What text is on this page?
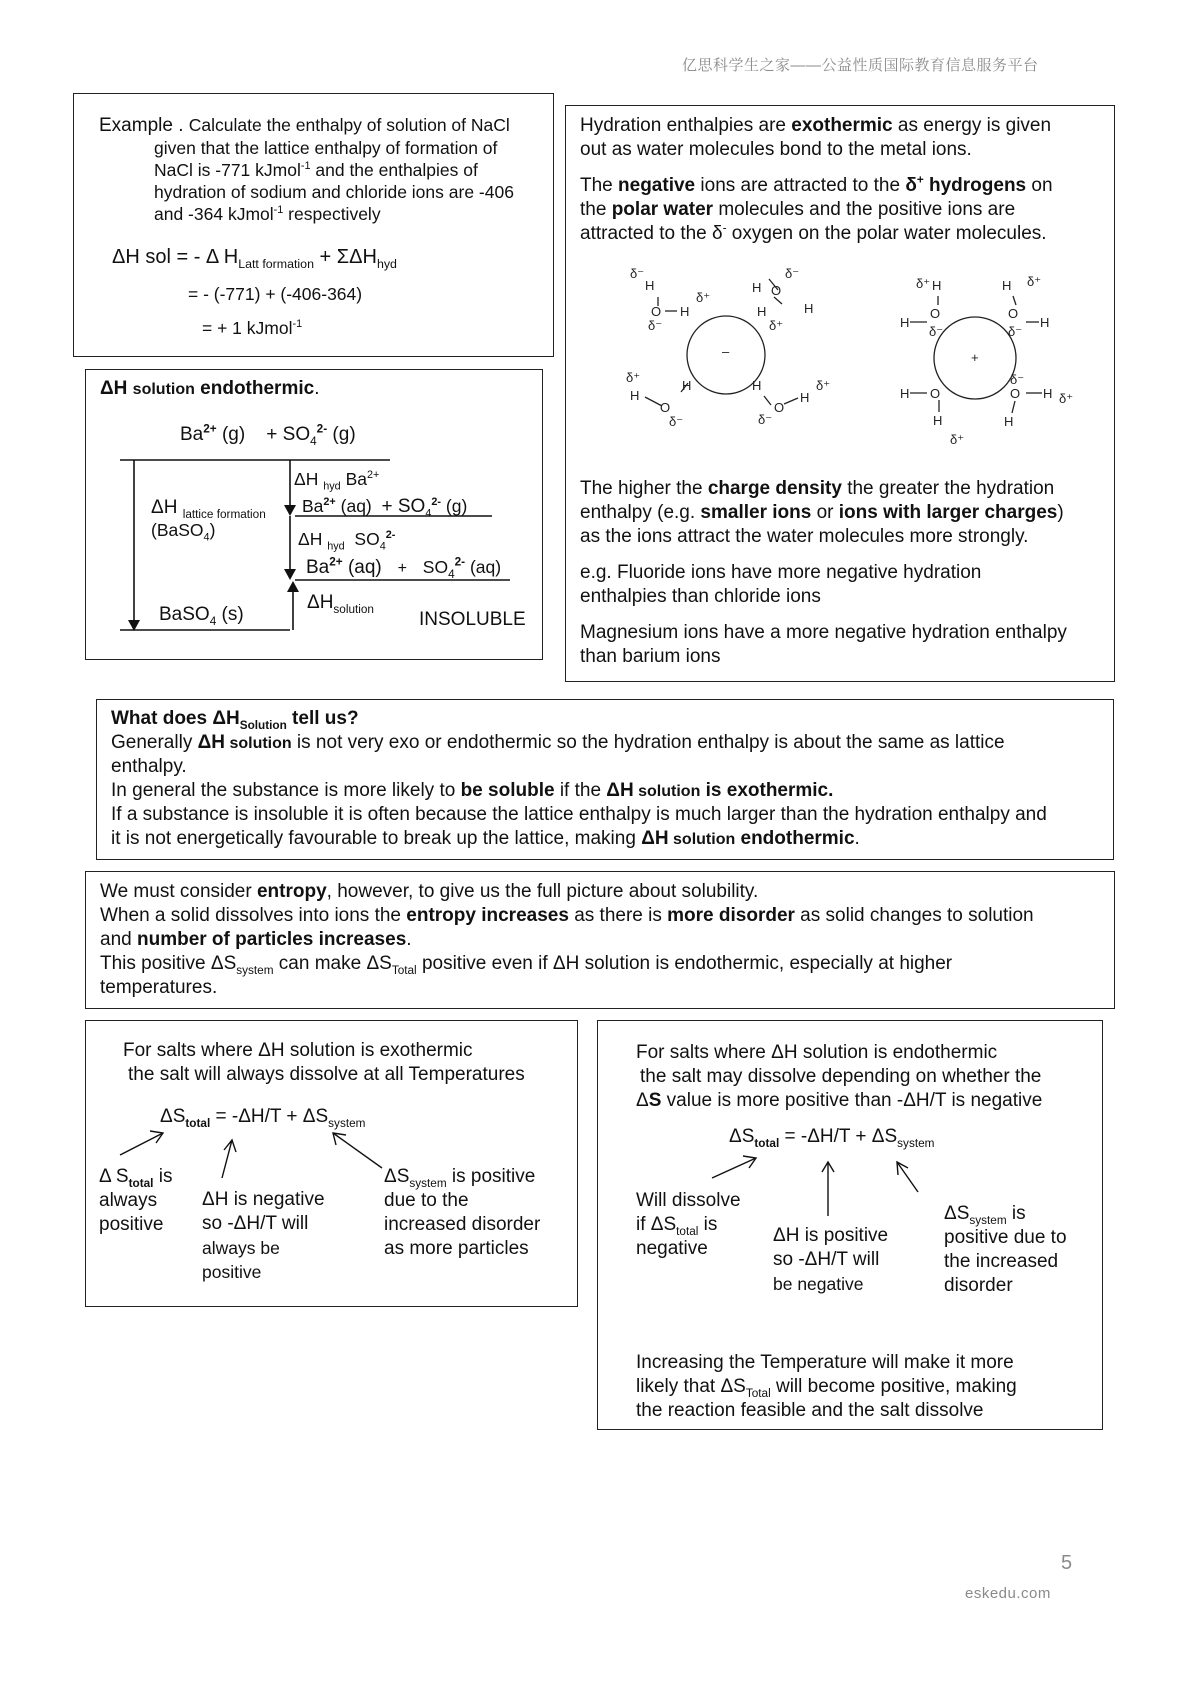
亿思科学生之家——公益性质国际教育信息服务平台
Example . Calculate the enthalpy of solution of NaCl
given that the lattice enthalpy of formation of
NaCl is -771 kJmol$^{-1}$ and the enthalpies of
hydration of sodium and chloride ions are -406
and -364 kJmol$^{-1}$ respectively
ΔH sol = - Δ $H_{Latt formation} + \Sigma\Delta H_{hyd}$
= - (-771) + (-406-364)
= + 1 kJmol$^{-1}$
ΔH solution endothermic.
$Ba^{2+}$ $(g) + SO_4^{2-}$ (g)
ΔH $_{lattice formation}$
(BaSO$_4$)
ΔH $_{hyd}$ $Ba^{2+}$
$Ba^{2+}$ $(aq) + SO_4^{2-}$ (g)
ΔH $_{hyd}$ $SO_4^{2-}$
$Ba^{2+}$ $(aq) + SO_4^{2-}$ (aq)
$\Delta H_{solution}$
BaSO$_4$ (s)	INSOLUBLE
Hydration enthalpies are exothermic as energy is given
out as water molecules bond to the metal ions.
The negative ions are attracted to the δ+ hydrogens on
the polar water molecules and the positive ions are
attracted to the δ- oxygen on the polar water molecules.
δ⁻
H
δ⁺
O H
δ⁻
δ⁻
O
H
H	H
δ⁺
–
δ⁺
H
H
O
δ⁻
H	δ⁺
H
O
δ⁻
δ⁺ H
H
O
δ⁻
H δ⁺
O
H
δ⁻
+
δ⁻
H O
H
δ⁺
O H δ⁺
H
The higher the charge density the greater the hydration
enthalpy (e.g. smaller ions or ions with larger charges)
as the ions attract the water molecules more strongly.
e.g. Fluoride ions have more negative hydration
enthalpies than chloride ions
Magnesium ions have a more negative hydration enthalpy
than barium ions
What does $\Delta H_{Solution}$ tell us?
Generally ΔH solution is not very exo or endothermic so the hydration enthalpy is about the same as lattice
enthalpy.
In general the substance is more likely to be soluble if the ΔH solution is exothermic.
If a substance is insoluble it is often because the lattice enthalpy is much larger than the hydration enthalpy and
it is not energetically favourable to break up the lattice, making ΔH solution endothermic.
We must consider entropy, however, to give us the full picture about solubility.
When a solid dissolves into ions the entropy increases as there is more disorder as solid changes to solution
and number of particles increases.
This positive $\Delta S_{system}$ can make $\Delta S_{Total}$ positive even if ΔH solution is endothermic, especially at higher
temperatures.
For salts where ΔH solution is exothermic
the salt will always dissolve at all Temperatures
$\Delta S_{total} = -\Delta H/T + \Delta S_{system}$
Δ $S_{total}$ is
always
positive
ΔH is negative
so -ΔH/T will
always be
positive
$\Delta S_{system}$ is positive
due to the
increased disorder
as more particles
For salts where ΔH solution is endothermic
the salt may dissolve depending on whether the
ΔS value is more positive than -ΔH/T is negative
$\Delta S_{total} = -\Delta H/T + \Delta S_{system}$
Will dissolve
if $\Delta S_{total}$ is
negative
ΔH is positive
so -ΔH/T will
be negative
$\Delta S_{system}$ is
positive due to
the increased
disorder
Increasing the Temperature will make it more
likely that $\Delta S_{Total}$ will become positive, making
the reaction feasible and the salt dissolve
5
eskedu.com
